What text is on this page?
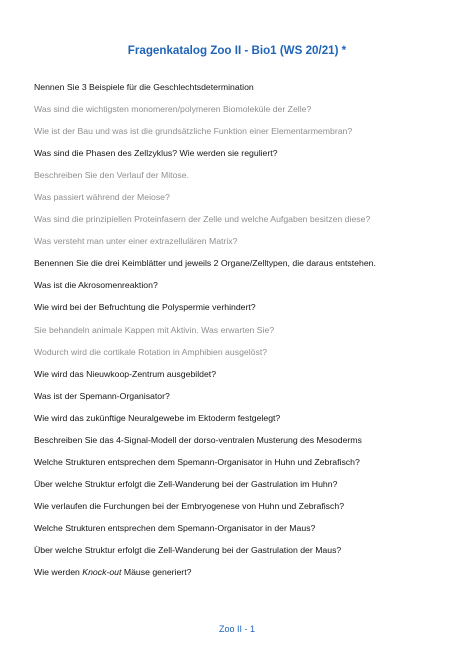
Fragenkatalog Zoo II - Bio1 (WS 20/21) *
Nennen Sie 3 Beispiele für die Geschlechtsdetermination
Was sind die wichtigsten monomeren/polymeren Biomoleküle der Zelle?
Wie ist der Bau und was ist die grundsätzliche Funktion einer Elementarmembran?
Was sind die Phasen des Zellzyklus? Wie werden sie reguliert?
Beschreiben Sie den Verlauf der Mitose.
Was passiert während der Meiose?
Was sind die prinzipiellen Proteinfasern der Zelle und welche Aufgaben besitzen diese?
Was versteht man unter einer extrazellulären Matrix?
Benennen Sie die drei Keimblätter und jeweils 2 Organe/Zelltypen, die daraus entstehen.
Was ist die Akrosomenreaktion?
Wie wird bei der Befruchtung die Polyspermie verhindert?
Sie behandeln animale Kappen mit Aktivin. Was erwarten Sie?
Wodurch wird die cortikale Rotation in Amphibien ausgelöst?
Wie wird das Nieuwkoop-Zentrum ausgebildet?
Was ist der Spemann-Organisator?
Wie wird das zukünftige Neuralgewebe im Ektoderm festgelegt?
Beschreiben Sie das 4-Signal-Modell der dorso-ventralen Musterung des Mesoderms
Welche Strukturen entsprechen dem Spemann-Organisator in Huhn und Zebrafisch?
Über welche Struktur erfolgt die Zell-Wanderung bei der Gastrulation im Huhn?
Wie verlaufen die Furchungen bei der Embryogenese von Huhn und Zebrafisch?
Welche Strukturen entsprechen dem Spemann-Organisator in der Maus?
Über welche Struktur erfolgt die Zell-Wanderung bei der Gastrulation der Maus?
Wie werden Knock-out Mäuse generiert?
Zoo II - 1
